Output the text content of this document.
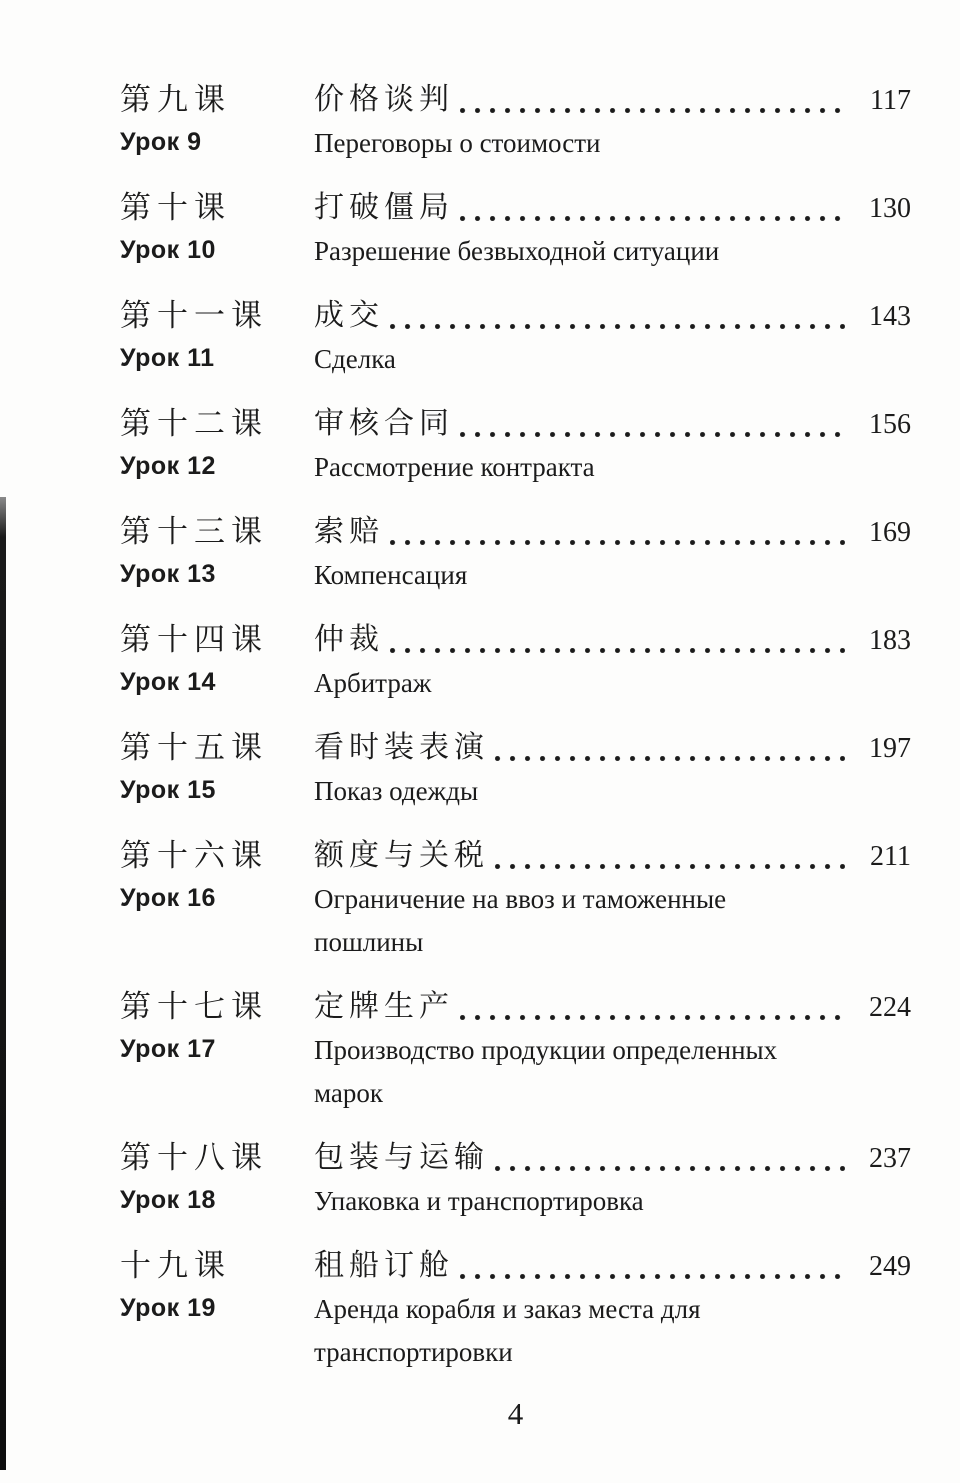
第九课
Урок 9
价格谈判	117
Переговоры о стоимости
第十课
Урок 10
打破僵局	130
Разрешение безвыходной ситуации
第十一课
Урок 11
成交	143
Сделка
第十二课
Урок 12
审核合同	156
Рассмотрение контракта
第十三课
Урок 13
索赔	169
Компенсация
第十四课
Урок 14
仲裁	183
Арбитраж
第十五课
Урок 15
看时装表演	197
Показ одежды
第十六课
Урок 16
额度与关税	211
Ограничение на ввоз и таможенные пошлины
第十七课
Урок 17
定牌生产	224
Производство продукции определенных марок
第十八课
Урок 18
包装与运输	237
Упаковка и транспортировка
十九课
Урок 19
租船订舱	249
Аренда корабля и заказ места для транспортировки
4
